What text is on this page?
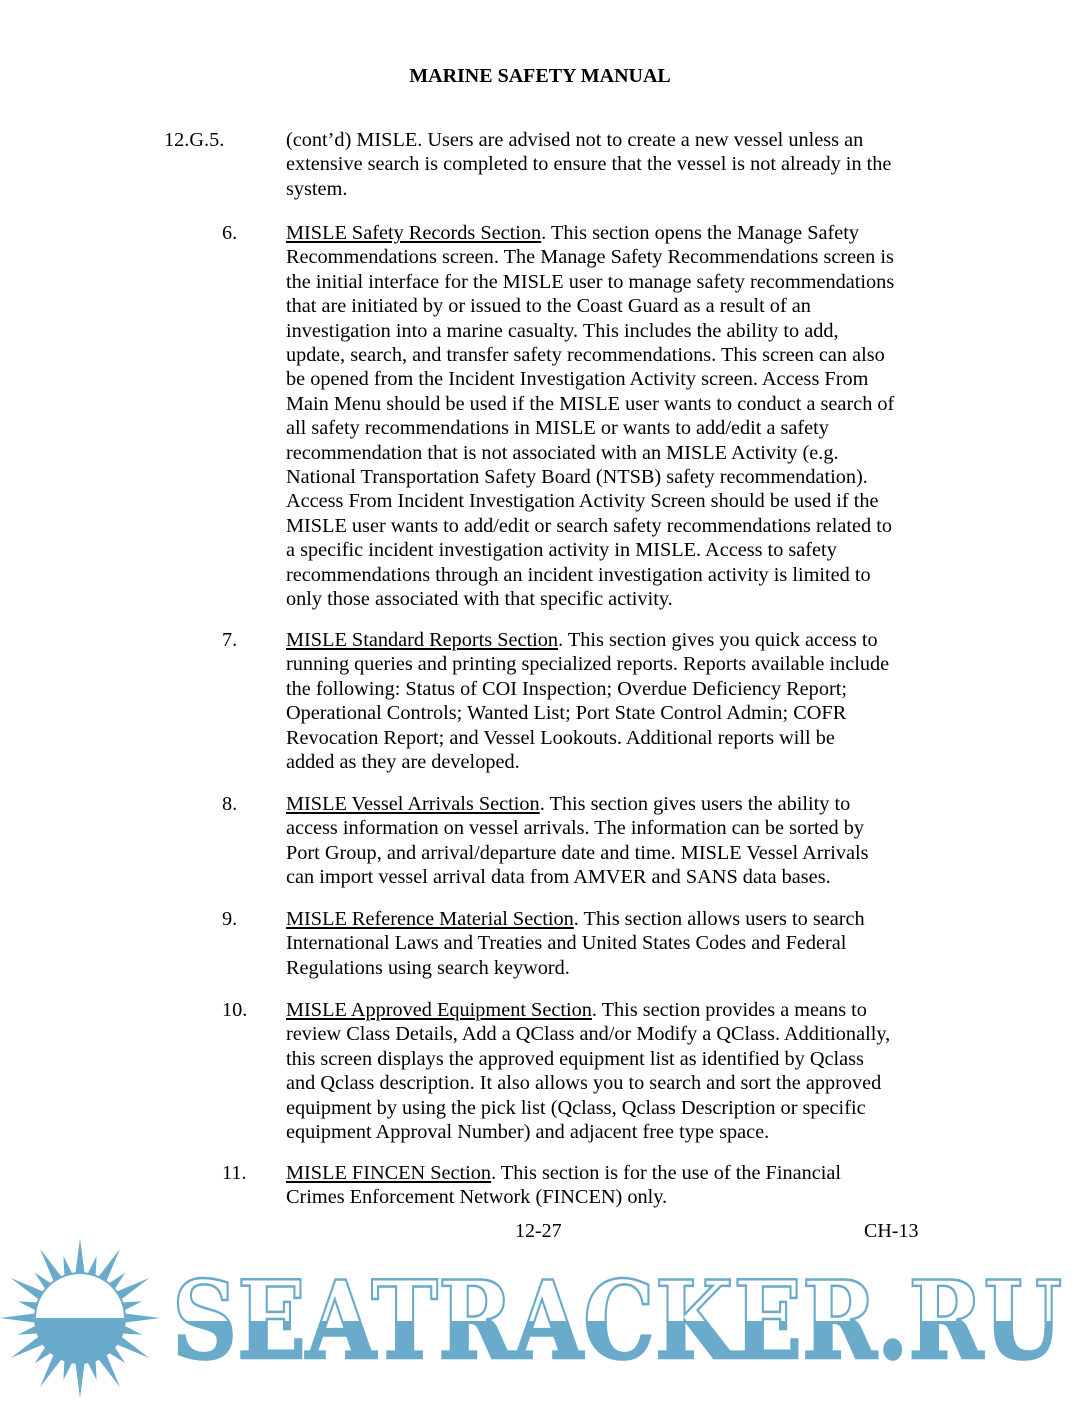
MARINE SAFETY MANUAL
12.G.5.	(cont’d) MISLE. Users are advised not to create a new vessel unless an
extensive search is completed to ensure that the vessel is not already in the
system.
6. MISLE Safety Records Section. This section opens the Manage Safety
Recommendations screen. The Manage Safety Recommendations screen is
the initial interface for the MISLE user to manage safety recommendations
that are initiated by or issued to the Coast Guard as a result of an
investigation into a marine casualty. This includes the ability to add,
update, search, and transfer safety recommendations. This screen can also
be opened from the Incident Investigation Activity screen. Access From
Main Menu should be used if the MISLE user wants to conduct a search of
all safety recommendations in MISLE or wants to add/edit a safety
recommendation that is not associated with an MISLE Activity (e.g.
National Transportation Safety Board (NTSB) safety recommendation).
Access From Incident Investigation Activity Screen should be used if the
MISLE user wants to add/edit or search safety recommendations related to
a specific incident investigation activity in MISLE. Access to safety
recommendations through an incident investigation activity is limited to
only those associated with that specific activity.
7. MISLE Standard Reports Section. This section gives you quick access to
running queries and printing specialized reports. Reports available include
the following: Status of COI Inspection; Overdue Deficiency Report;
Operational Controls; Wanted List; Port State Control Admin; COFR
Revocation Report; and Vessel Lookouts. Additional reports will be
added as they are developed.
8. MISLE Vessel Arrivals Section. This section gives users the ability to
access information on vessel arrivals. The information can be sorted by
Port Group, and arrival/departure date and time. MISLE Vessel Arrivals
can import vessel arrival data from AMVER and SANS data bases.
9. MISLE Reference Material Section. This section allows users to search
International Laws and Treaties and United States Codes and Federal
Regulations using search keyword.
10. MISLE Approved Equipment Section. This section provides a means to
review Class Details, Add a QClass and/or Modify a QClass. Additionally,
this screen displays the approved equipment list as identified by Qclass
and Qclass description. It also allows you to search and sort the approved
equipment by using the pick list (Qclass, Qclass Description or specific
equipment Approval Number) and adjacent free type space.
11. MISLE FINCEN Section. This section is for the use of the Financial
Crimes Enforcement Network (FINCEN) only.
SEATRACKER.RU
12-27	CH-13
